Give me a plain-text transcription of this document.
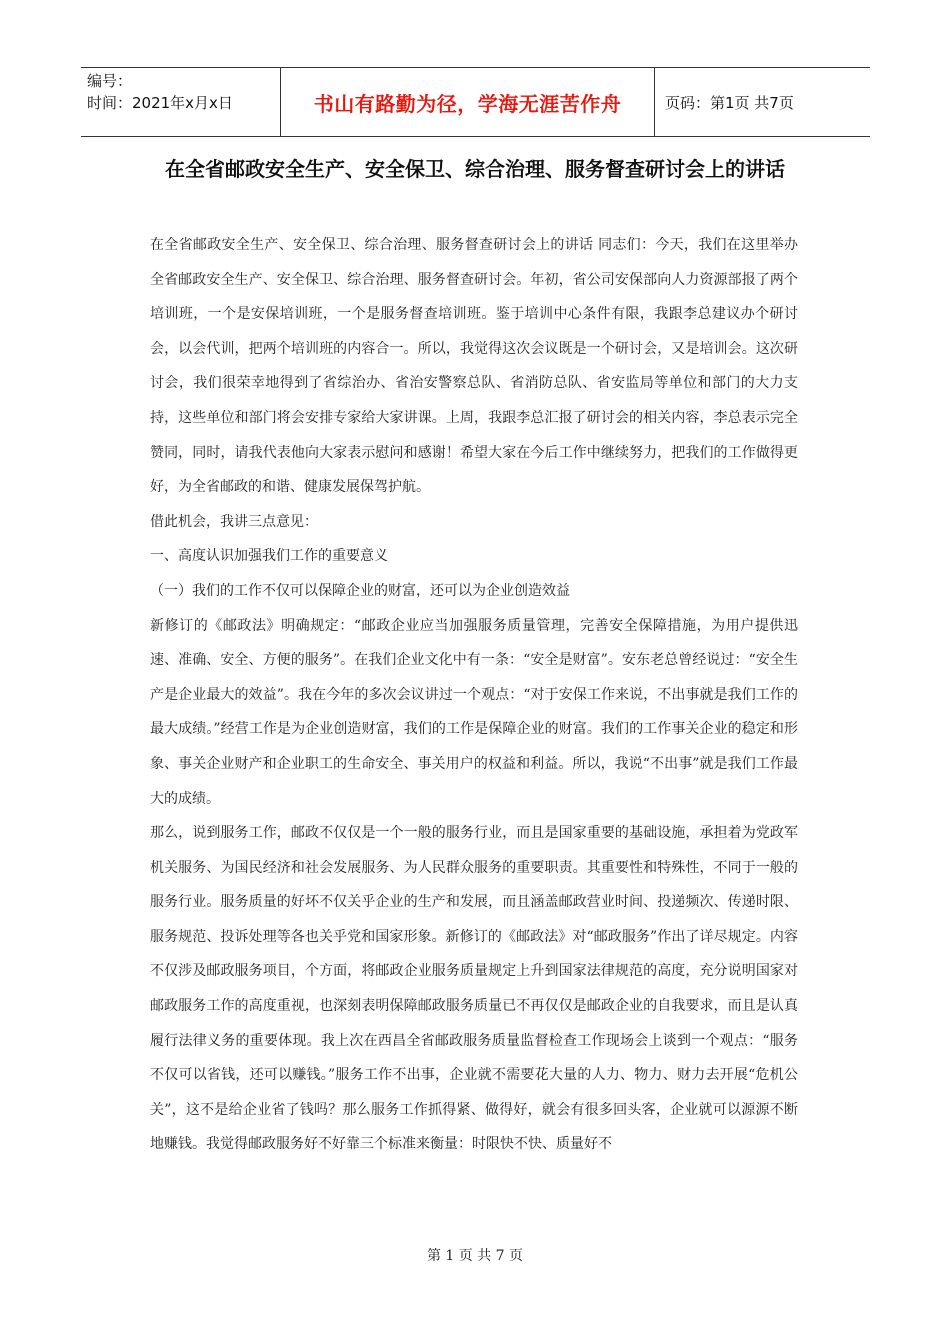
编号：
时间：2021年x月x日	书山有路勤为径，学海无涯苦作舟	页码：第1页 共7页
在全省邮政安全生产、安全保卫、综合治理、服务督查研讨会上的讲话

在全省邮政安全生产、安全保卫、综合治理、服务督查研讨会上的讲话 同志们：今天，我们在这里举办全省邮政安全生产、安全保卫、综合治理、服务督查研讨会。年初，省公司安保部向人力资源部报了两个培训班，一个是安保培训班，一个是服务督查培训班。鉴于培训中心条件有限，我跟李总建议办个研讨会，以会代训，把两个培训班的内容合一。所以，我觉得这次会议既是一个研讨会，又是培训会。这次研讨会，我们很荣幸地得到了省综治办、省治安警察总队、省消防总队、省安监局等单位和部门的大力支持，这些单位和部门将会安排专家给大家讲课。上周，我跟李总汇报了研讨会的相关内容，李总表示完全赞同，同时，请我代表他向大家表示慰问和感谢！希望大家在今后工作中继续努力，把我们的工作做得更好，为全省邮政的和谐、健康发展保驾护航。

借此机会，我讲三点意见：

一、高度认识加强我们工作的重要意义

（一）我们的工作不仅可以保障企业的财富，还可以为企业创造效益

新修订的《邮政法》明确规定：“邮政企业应当加强服务质量管理，完善安全保障措施，为用户提供迅速、准确、安全、方便的服务”。在我们企业文化中有一条：“安全是财富”。安东老总曾经说过：“安全生产是企业最大的效益”。我在今年的多次会议讲过一个观点：“对于安保工作来说，不出事就是我们工作的最大成绩。”经营工作是为企业创造财富，我们的工作是保障企业的财富。我们的工作事关企业的稳定和形象、事关企业财产和企业职工的生命安全、事关用户的权益和利益。所以，我说“不出事”就是我们工作最大的成绩。

那么，说到服务工作，邮政不仅仅是一个一般的服务行业，而且是国家重要的基础设施，承担着为党政军机关服务、为国民经济和社会发展服务、为人民群众服务的重要职责。其重要性和特殊性，不同于一般的服务行业。服务质量的好坏不仅关乎企业的生产和发展，而且涵盖邮政营业时间、投递频次、传递时限、服务规范、投诉处理等各也关乎党和国家形象。新修订的《邮政法》对“邮政服务”作出了详尽规定。内容不仅涉及邮政服务项目，个方面，将邮政企业服务质量规定上升到国家法律规范的高度，充分说明国家对邮政服务工作的高度重视，也深刻表明保障邮政服务质量已不再仅仅是邮政企业的自我要求，而且是认真履行法律义务的重要体现。我上次在西昌全省邮政服务质量监督检查工作现场会上谈到一个观点：“服务不仅可以省钱，还可以赚钱。”服务工作不出事，企业就不需要花大量的人力、物力、财力去开展“危机公关”，这不是给企业省了钱吗？那么服务工作抓得紧、做得好，就会有很多回头客，企业就可以源源不断地赚钱。我觉得邮政服务好不好靠三个标准来衡量：时限快不快、质量好不

第 1 页 共 7 页
